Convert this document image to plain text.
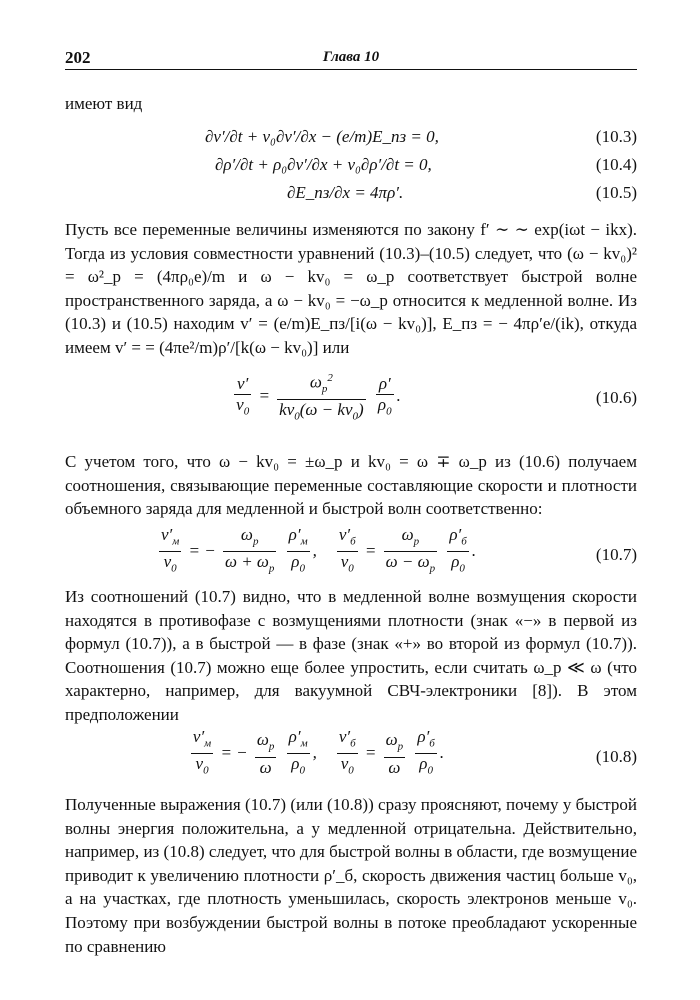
202	Глава 10

имеют вид

∂v′/∂t + v₀∂v′/∂x − (e/m)E_пз = 0,	(10.3)
∂ρ′/∂t + ρ₀∂v′/∂x + v₀∂ρ′/∂t = 0,	(10.4)
∂E_пз/∂x = 4πρ′.	(10.5)

Пусть все переменные величины изменяются по закону f′ ∼ ∼ exp(iωt − ikx). Тогда из условия совместности уравнений (10.3)–(10.5) следует, что (ω − kv₀)² = ω²_p = (4πρ₀e)/m и ω − kv₀ = ω_p соответствует быстрой волне пространственного заряда, а ω − kv₀ = −ω_p относится к медленной волне. Из (10.3) и (10.5) находим v′ = (e/m)E_пз/[i(ω − kv₀)], E_пз = − 4πρ′e/(ik), откуда имеем v′ = = (4πe²/m)ρ′/[k(ω − kv₀)] или

$\frac{v'}{v_0} = \frac{\omega_p^2}{kv_0(\omega - kv_0)}$
$\frac{\rho'}{\rho_0}$ .	(10.6)

С учетом того, что ω − kv₀ = ±ω_p и kv₀ = ω ∓ ω_p из (10.6) получаем соотношения, связывающие переменные составляющие скорости и плотности объемного заряда для медленной и быстрой волн соответственно:

$\frac{v'_м}{v_0}$ = − $\frac{\omega_p}{\omega + \omega_p}$
$\frac{\rho'_м}{\rho_0}$ , $\frac{v'_б}{v_0} = \frac{\omega_p}{\omega - \omega_p}$
$\frac{\rho'_б}{\rho_0}$ .	(10.7)

Из соотношений (10.7) видно, что в медленной волне возмущения скорости находятся в противофазе с возмущениями плотности (знак «−» в первой из формул (10.7)), а в быстрой — в фазе (знак «+» во второй из формул (10.7)). Соотношения (10.7) можно еще более упростить, если считать ω_p ≪ ω (что характерно, например, для вакуумной СВЧ-электроники [8]). В этом предположении

$\frac{v'_м}{v_0}$ = − $\frac{\omega_p}{\omega}$
$\frac{\rho'_м}{\rho_0}$ , $\frac{v'_б}{v_0} = \frac{\omega_p}{\omega}$
$\frac{\rho'_б}{\rho_0}$ .	(10.8)

Полученные выражения (10.7) (или (10.8)) сразу проясняют, почему у быстрой волны энергия положительна, а у медленной отрицательна. Действительно, например, из (10.8) следует, что для быстрой волны в области, где возмущение приводит к увеличению плотности ρ′_б, скорость движения частиц больше v₀, а на участках, где плотность уменьшилась, скорость электронов меньше v₀. Поэтому при возбуждении быстрой волны в потоке преобладают ускоренные по сравнению
